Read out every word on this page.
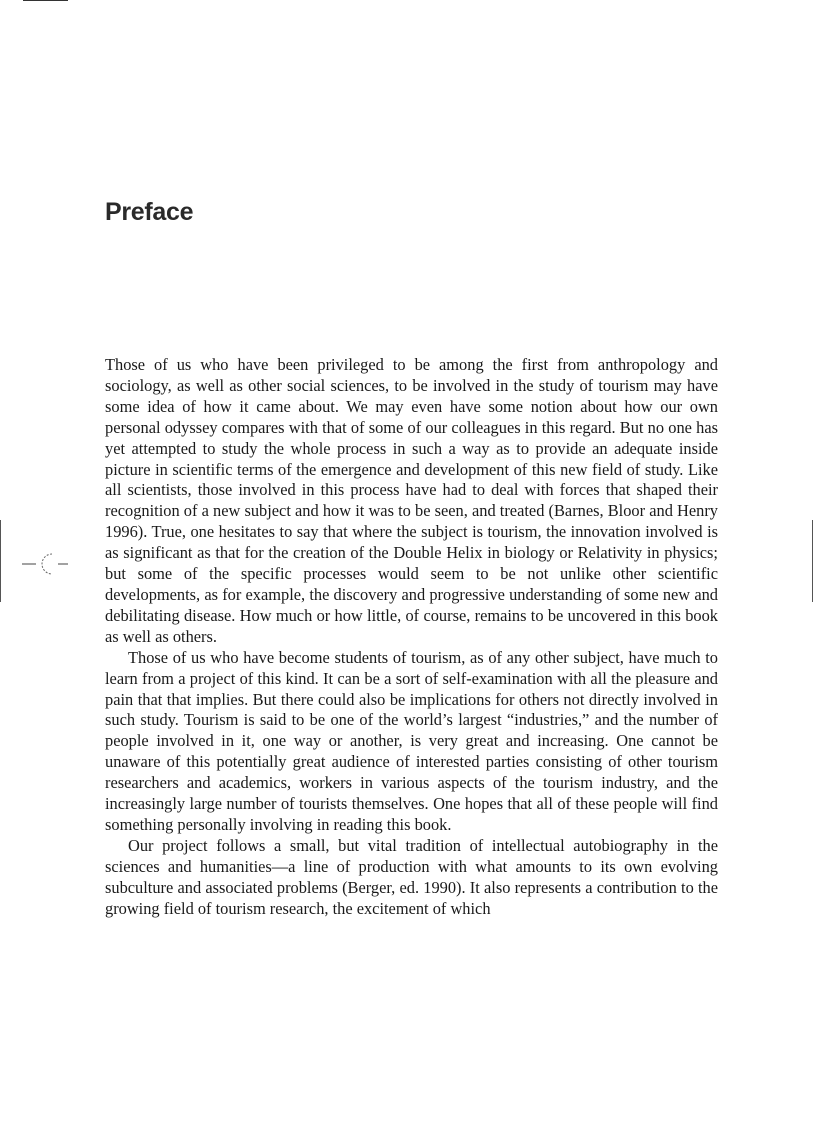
Preface

Those of us who have been privileged to be among the first from anthropology and sociology, as well as other social sciences, to be involved in the study of tourism may have some idea of how it came about. We may even have some notion about how our own personal odyssey compares with that of some of our colleagues in this regard. But no one has yet attempted to study the whole process in such a way as to provide an adequate inside picture in scientific terms of the emergence and development of this new field of study. Like all scientists, those involved in this process have had to deal with forces that shaped their recognition of a new subject and how it was to be seen, and treated (Barnes, Bloor and Henry 1996). True, one hesitates to say that where the subject is tourism, the innovation involved is as significant as that for the creation of the Double Helix in biology or Relativity in physics; but some of the specific processes would seem to be not unlike other scientific developments, as for example, the discovery and progressive understanding of some new and debilitating disease. How much or how little, of course, remains to be uncovered in this book as well as others.

Those of us who have become students of tourism, as of any other subject, have much to learn from a project of this kind. It can be a sort of self-examination with all the pleasure and pain that that implies. But there could also be implications for others not directly involved in such study. Tourism is said to be one of the world’s largest “industries,” and the number of people involved in it, one way or another, is very great and increasing. One cannot be unaware of this potentially great audience of interested parties consisting of other tourism researchers and academics, workers in various aspects of the tourism industry, and the increasingly large number of tourists themselves. One hopes that all of these people will find something personally involving in reading this book.

Our project follows a small, but vital tradition of intellectual autobiography in the sciences and humanities—a line of production with what amounts to its own evolving subculture and associated problems (Berger, ed. 1990). It also represents a contribution to the growing field of tourism research, the excitement of which
